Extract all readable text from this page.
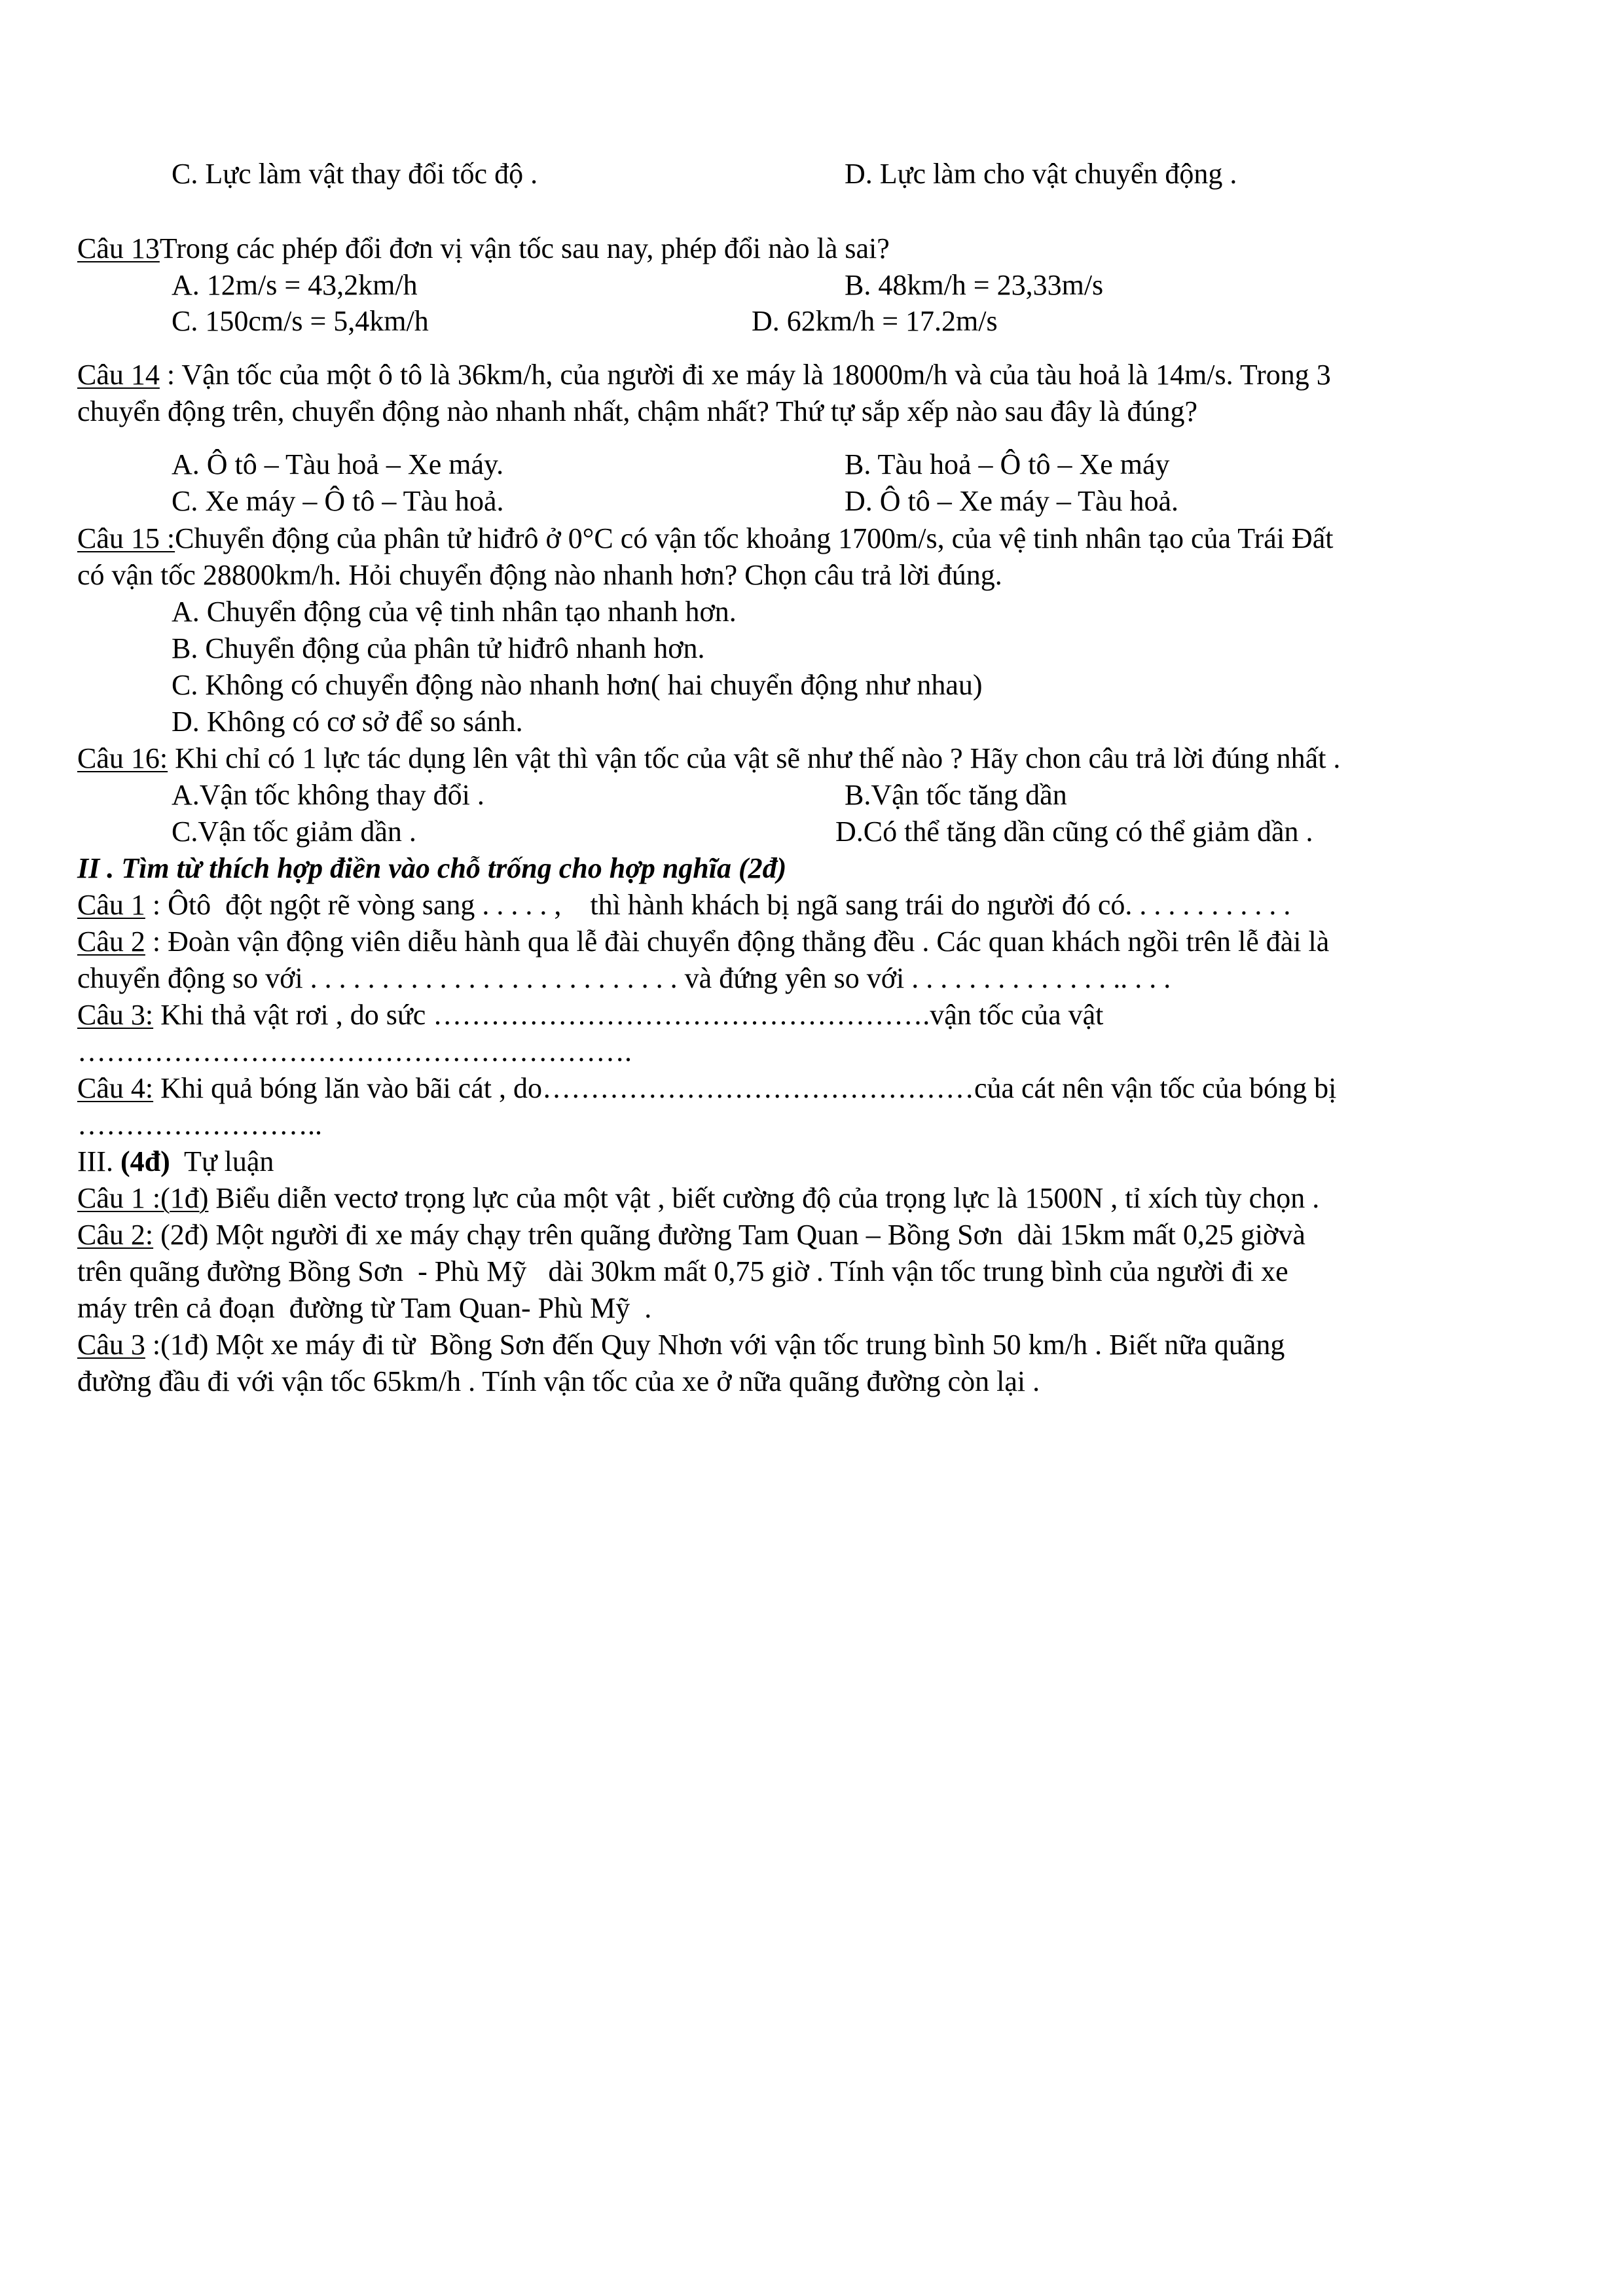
C. Lực làm vật thay đổi tốc độ .	D. Lực làm cho vật chuyển động .
Câu 13Trong các phép đổi đơn vị vận tốc sau nay, phép đổi nào là sai?
A. 12m/s = 43,2km/h	B. 48km/h = 23,33m/s
C. 150cm/s = 5,4km/h	D. 62km/h = 17.2m/s
Câu 14 : Vận tốc của một ô tô là 36km/h, của người đi xe máy là 18000m/h và của tàu hoả là 14m/s. Trong 3
chuyển động trên, chuyển động nào nhanh nhất, chậm nhất? Thứ tự sắp xếp nào sau đây là đúng?
A. Ô tô – Tàu hoả – Xe máy.	B. Tàu hoả – Ô tô – Xe máy
C. Xe máy – Ô tô – Tàu hoả.	D. Ô tô – Xe máy – Tàu hoả.
Câu 15 :Chuyển động của phân tử hiđrô ở 0°C có vận tốc khoảng 1700m/s, của vệ tinh nhân tạo của Trái Đất
có vận tốc 28800km/h. Hỏi chuyển động nào nhanh hơn? Chọn câu trả lời đúng.
A. Chuyển động của vệ tinh nhân tạo nhanh hơn.
B. Chuyển động của phân tử hiđrô nhanh hơn.
C. Không có chuyển động nào nhanh hơn( hai chuyển động như nhau)
D. Không có cơ sở để so sánh.
Câu 16: Khi chỉ có 1 lực tác dụng lên vật thì vận tốc của vật sẽ như thế nào ? Hãy chon câu trả lời đúng nhất .
A.Vận tốc không thay đổi .	B.Vận tốc tăng dần
C.Vận tốc giảm dần .	D.Có thể tăng dần cũng có thể giảm dần .
II . Tìm từ thích hợp điền vào chỗ trống cho hợp nghĩa (2đ)
Câu 1 : Ôtô  đột ngột rẽ vòng sang . . . . . ,    thì hành khách bị ngã sang trái do người đó có. . . . . . . . . . . .
Câu 2 : Đoàn vận động viên diễu hành qua lễ đài chuyển động thẳng đều . Các quan khách ngồi trên lễ đài là
chuyển động so với . . . . . . . . . . . . . . . . . . . . . . . . . . và đứng yên so với . . . . . . . . . . . . . . .. . . .
Câu 3: Khi thả vật rơi , do sức …………………………………………….vận tốc của vật
………………………………………………….
Câu 4: Khi quả bóng lăn vào bãi cát , do………………………………………của cát nên vận tốc của bóng bị
……………………..
III. (4đ)  Tự luận
Câu 1 :(1đ) Biểu diễn vectơ trọng lực của một vật , biết cường độ của trọng lực là 1500N , tỉ xích tùy chọn .
Câu 2: (2đ) Một người đi xe máy chạy trên quãng đường Tam Quan – Bồng Sơn  dài 15km mất 0,25 giờvà
trên quãng đường Bồng Sơn  - Phù Mỹ   dài 30km mất 0,75 giờ . Tính vận tốc trung bình của người đi xe
máy trên cả đoạn  đường từ Tam Quan- Phù Mỹ  .
Câu 3 :(1đ) Một xe máy đi từ  Bồng Sơn đến Quy Nhơn với vận tốc trung bình 50 km/h . Biết nữa quãng
đường đầu đi với vận tốc 65km/h . Tính vận tốc của xe ở nữa quãng đường còn lại .
